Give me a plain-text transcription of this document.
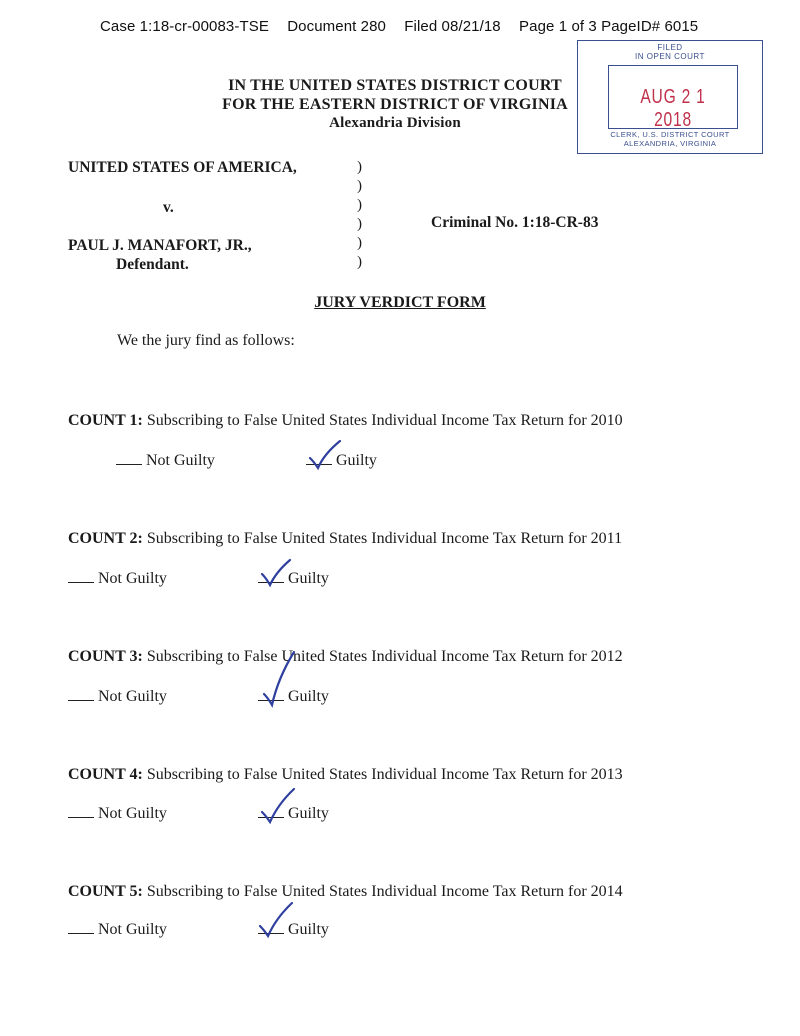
Case 1:18-cr-00083-TSE Document 280 Filed 08/21/18 Page 1 of 3 PageID# 6015
IN THE UNITED STATES DISTRICT COURT
FOR THE EASTERN DISTRICT OF VIRGINIA
Alexandria Division
FILED
IN OPEN COURT
AUG 2 1 2018
CLERK, U.S. DISTRICT COURT
ALEXANDRIA, VIRGINIA
UNITED STATES OF AMERICA,
v.
PAUL J. MANAFORT, JR.,
Defendant.
)
)
)
)
)
)
Criminal No. 1:18-CR-83
JURY VERDICT FORM
We the jury find as follows:
COUNT 1: Subscribing to False United States Individual Income Tax Return for 2010
Not Guilty	Guilty
COUNT 2: Subscribing to False United States Individual Income Tax Return for 2011
Not Guilty	Guilty
COUNT 3: Subscribing to False United States Individual Income Tax Return for 2012
Not Guilty	Guilty
COUNT 4: Subscribing to False United States Individual Income Tax Return for 2013
Not Guilty	Guilty
COUNT 5: Subscribing to False United States Individual Income Tax Return for 2014
Not Guilty	Guilty
